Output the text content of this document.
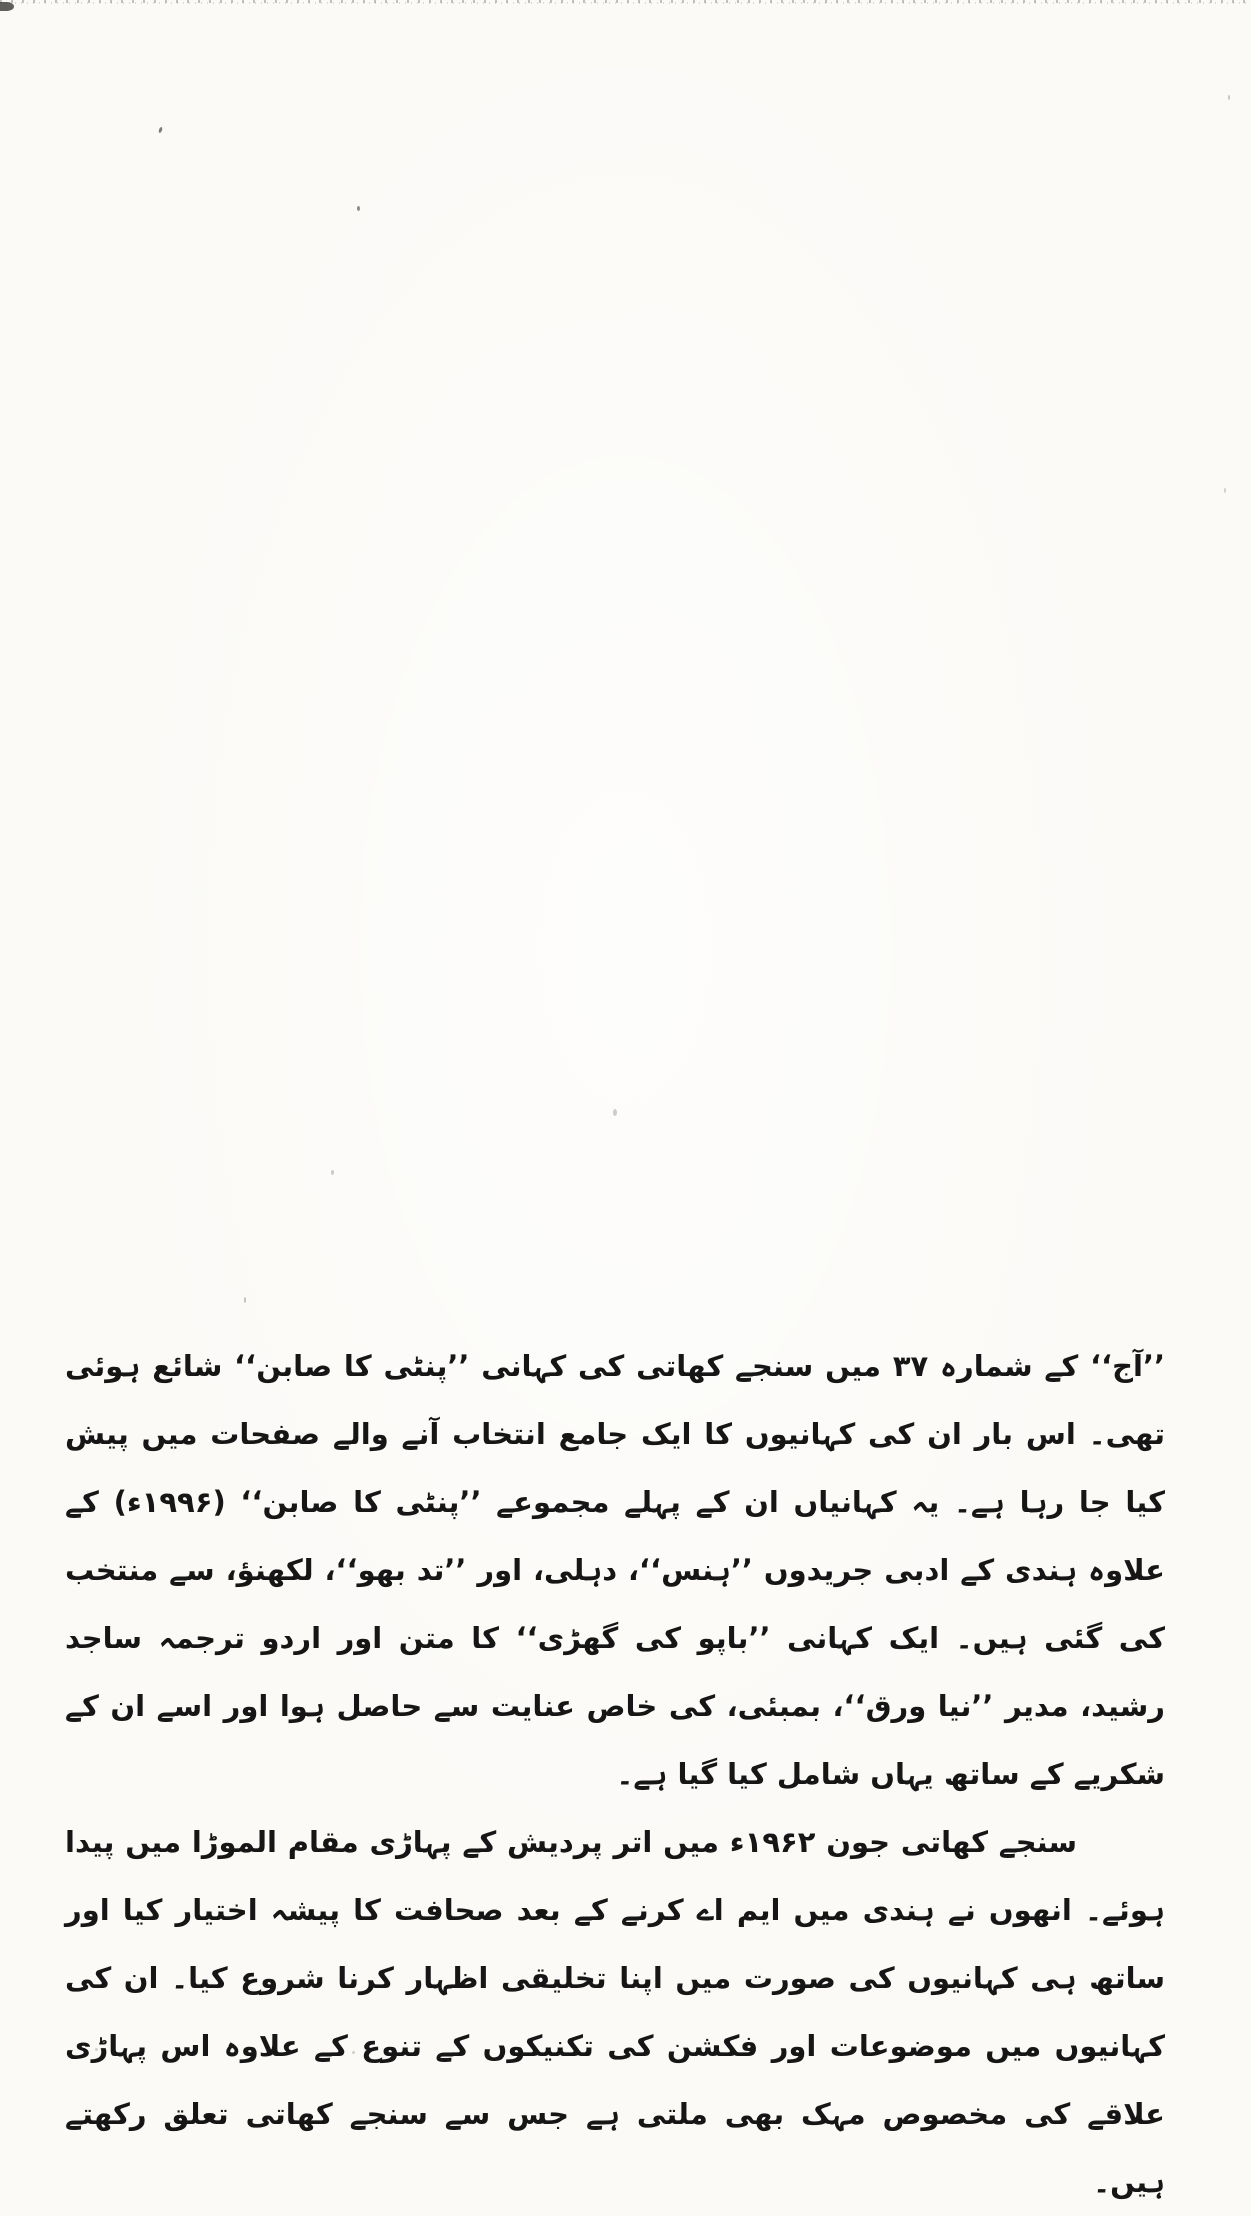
’’آج‘‘ کے شمارہ ۳۷ میں سنجے کھاتی کی کہانی ’’پنٹی کا صابن‘‘ شائع ہوئی تھی۔ اس بار ان کی کہانیوں کا ایک جامع انتخاب آنے والے صفحات میں پیش کیا جا رہا ہے۔ یہ کہانیاں ان کے پہلے مجموعے ’’پنٹی کا صابن‘‘ (۱۹۹۶ء) کے علاوہ ہندی کے ادبی جریدوں ’’ہنس‘‘، دہلی، اور ’’تد بھو‘‘، لکھنؤ، سے منتخب کی گئی ہیں۔ ایک کہانی ’’باپو کی گھڑی‘‘ کا متن اور اردو ترجمہ ساجد رشید، مدیر ’’نیا ورق‘‘، بمبئی، کی خاص عنایت سے حاصل ہوا اور اسے ان کے شکریے کے ساتھ یہاں شامل کیا گیا ہے۔

سنجے کھاتی جون ۱۹۶۲ء میں اتر پردیش کے پہاڑی مقام الموڑا میں پیدا ہوئے۔ انھوں نے ہندی میں ایم اے کرنے کے بعد صحافت کا پیشہ اختیار کیا اور ساتھ ہی کہانیوں کی صورت میں اپنا تخلیقی اظہار کرنا شروع کیا۔ ان کی کہانیوں میں موضوعات اور فکشن کی تکنیکوں کے تنوع کے علاوہ اس پہاڑی علاقے کی مخصوص مہک بھی ملتی ہے جس سے سنجے کھاتی تعلق رکھتے ہیں۔
